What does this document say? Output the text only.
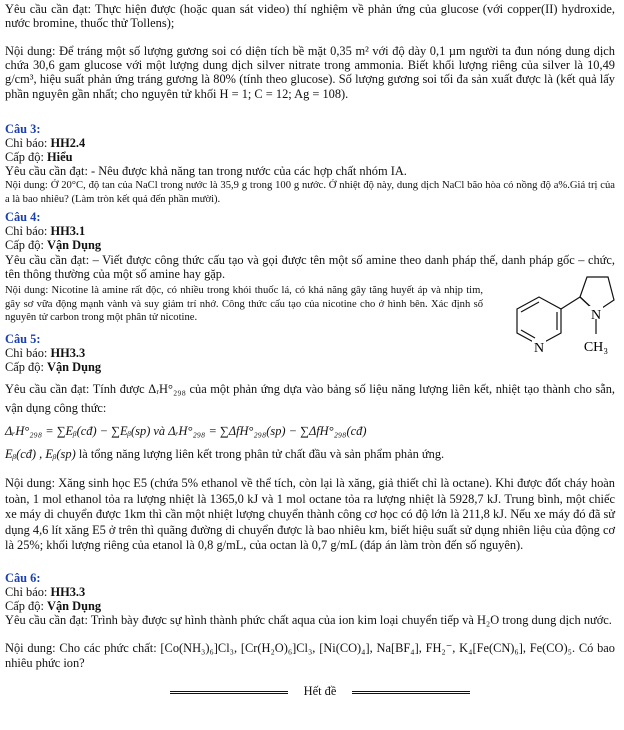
Yêu cầu cần đạt: Thực hiện được (hoặc quan sát video) thí nghiệm về phản ứng của glucose (với copper(II) hydroxide, nước bromine, thuốc thử Tollens);
Nội dung: Để tráng một số lượng gương soi có diện tích bề mặt 0,35 m² với độ dày 0,1 µm người ta đun nóng dung dịch chứa 30,6 gam glucose với một lượng dung dịch silver nitrate trong ammonia. Biết khối lượng riêng của silver là 10,49 g/cm³, hiệu suất phản ứng tráng gương là 80% (tính theo glucose). Số lượng gương soi tối đa sản xuất được là (kết quả lấy phần nguyên gần nhất; cho nguyên tử khối H = 1; C = 12; Ag = 108).
Câu 3:
Chỉ báo: HH2.4
Cấp độ: Hiểu
Yêu cầu cần đạt: - Nêu được khả năng tan trong nước của các hợp chất nhóm IA.
Nội dung: Ở 20°C, độ tan của NaCl trong nước là 35,9 g trong 100 g nước. Ở nhiệt độ này, dung dịch NaCl bão hòa có nồng độ a%.Giá trị của a là bao nhiêu? (Làm tròn kết quả đến phần mười).
Câu 4:
Chỉ báo: HH3.1
Cấp độ: Vận Dụng
Yêu cầu cần đạt: – Viết được công thức cấu tạo và gọi được tên một số amine theo danh pháp thế, danh pháp gốc – chức, tên thông thường của một số amine hay gặp.
Nội dung: Nicotine là amine rất độc, có nhiều trong khói thuốc lá, có khả năng gây tăng huyết áp và nhịp tim, gây sơ vữa động mạnh vành và suy giảm trí nhớ. Công thức cấu tạo của nicotine cho ở hình bên. Xác định số nguyên tử carbon trong một phân tử nicotine.
N
N
CH₃
Câu 5:
Chỉ báo: HH3.3
Cấp độ: Vận Dụng
Yêu cầu cần đạt: Tính được ΔᵣH°₂₉₈ của một phản ứng dựa vào bảng số liệu năng lượng liên kết, nhiệt tạo thành cho sẵn, vận dụng công thức:
ΔᵣH°₂₉₈ = ∑Eᵦ(cđ) − ∑Eᵦ(sp) và ΔᵣH°₂₉₈ = ∑ΔfH°₂₉₈(sp) − ∑ΔfH°₂₉₈(cđ)
Eᵦ(cđ) , Eᵦ(sp) là tổng năng lượng liên kết trong phân tử chất đầu và sản phẩm phản ứng.
Nội dung: Xăng sinh học E5 (chứa 5% ethanol về thể tích, còn lại là xăng, giả thiết chỉ là octane). Khi được đốt cháy hoàn toàn, 1 mol ethanol tỏa ra lượng nhiệt là 1365,0 kJ và 1 mol octane tỏa ra lượng nhiệt là 5928,7 kJ. Trung bình, một chiếc xe máy di chuyển được 1km thì cần một nhiệt lượng chuyển thành công cơ học có độ lớn là 211,8 kJ. Nếu xe máy đó đã sử dụng 4,6 lít xăng E5 ở trên thì quãng đường di chuyển được là bao nhiêu km, biết hiệu suất sử dụng nhiên liệu của động cơ là 25%; khối lượng riêng của etanol là 0,8 g/mL, của octan là 0,7 g/mL (đáp án làm tròn đến số nguyên).
Câu 6:
Chỉ báo: HH3.3
Cấp độ: Vận Dụng
Yêu cầu cần đạt: Trình bày được sự hình thành phức chất aqua của ion kim loại chuyển tiếp và H₂O trong dung dịch nước.
Nội dung: Cho các phức chất: [Co(NH₃)₆]Cl₃, [Cr(H₂O)₆]Cl₃, [Ni(CO)₄], Na[BF₄], FH₂⁻, K₄[Fe(CN)₆], Fe(CO)₅. Có bao nhiêu phức ion?
Hết đề
